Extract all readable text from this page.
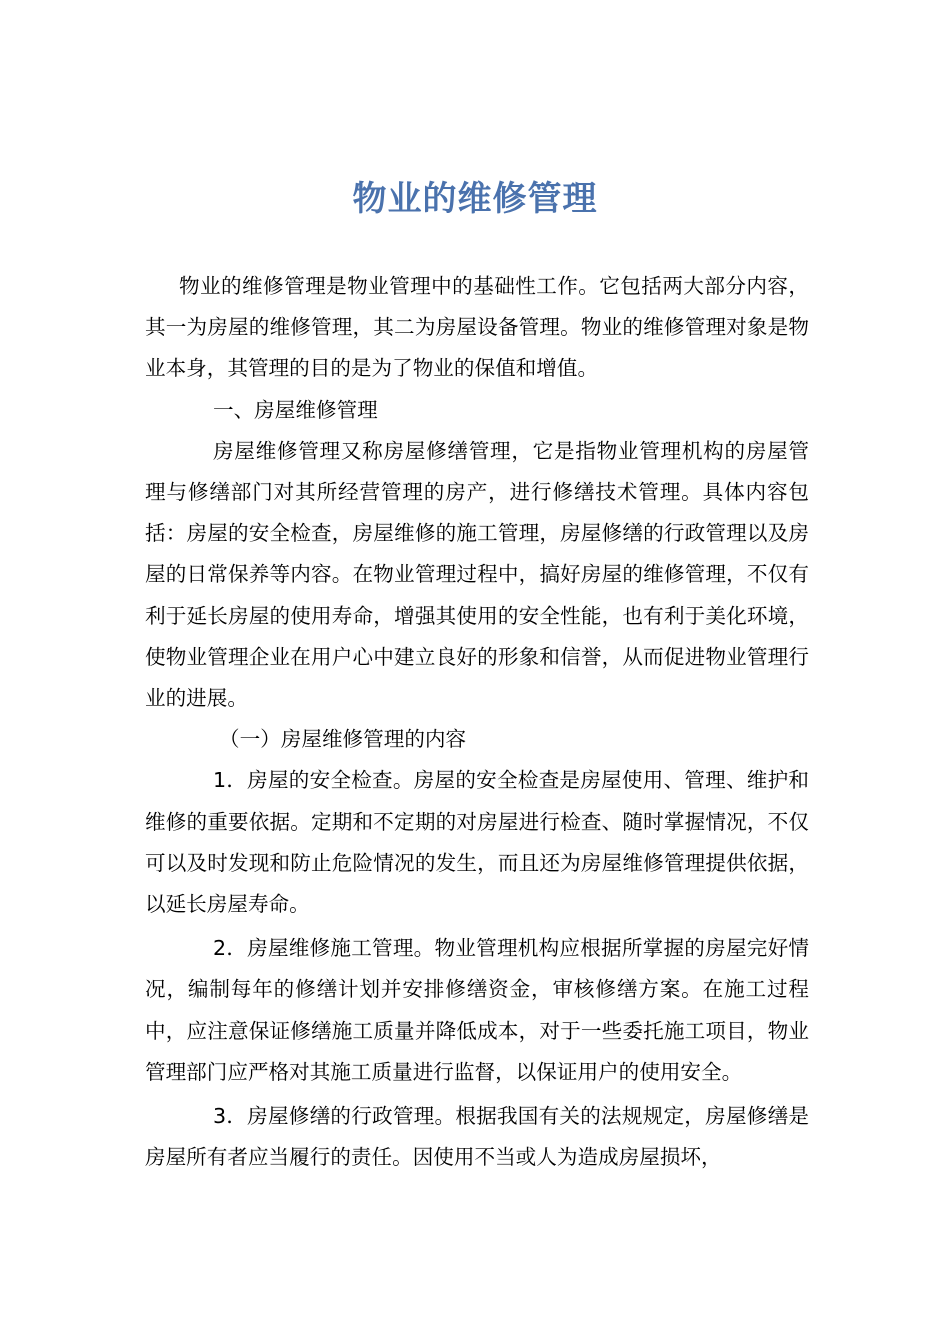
物业的维修管理

物业的维修管理是物业管理中的基础性工作。它包括两大部分内容，其一为房屋的维修管理，其二为房屋设备管理。物业的维修管理对象是物业本身，其管理的目的是为了物业的保值和增值。

一、房屋维修管理

房屋维修管理又称房屋修缮管理，它是指物业管理机构的房屋管理与修缮部门对其所经营管理的房产，进行修缮技术管理。具体内容包括：房屋的安全检查，房屋维修的施工管理，房屋修缮的行政管理以及房屋的日常保养等内容。在物业管理过程中，搞好房屋的维修管理，不仅有利于延长房屋的使用寿命，增强其使用的安全性能，也有利于美化环境，使物业管理企业在用户心中建立良好的形象和信誉，从而促进物业管理行业的进展。

（一）房屋维修管理的内容

1．房屋的安全检查。房屋的安全检查是房屋使用、管理、维护和维修的重要依据。定期和不定期的对房屋进行检查、随时掌握情况，不仅可以及时发现和防止危险情况的发生，而且还为房屋维修管理提供依据，以延长房屋寿命。

2．房屋维修施工管理。物业管理机构应根据所掌握的房屋完好情况，编制每年的修缮计划并安排修缮资金，审核修缮方案。在施工过程中，应注意保证修缮施工质量并降低成本，对于一些委托施工项目，物业管理部门应严格对其施工质量进行监督，以保证用户的使用安全。

3．房屋修缮的行政管理。根据我国有关的法规规定，房屋修缮是房屋所有者应当履行的责任。因使用不当或人为造成房屋损坏，
